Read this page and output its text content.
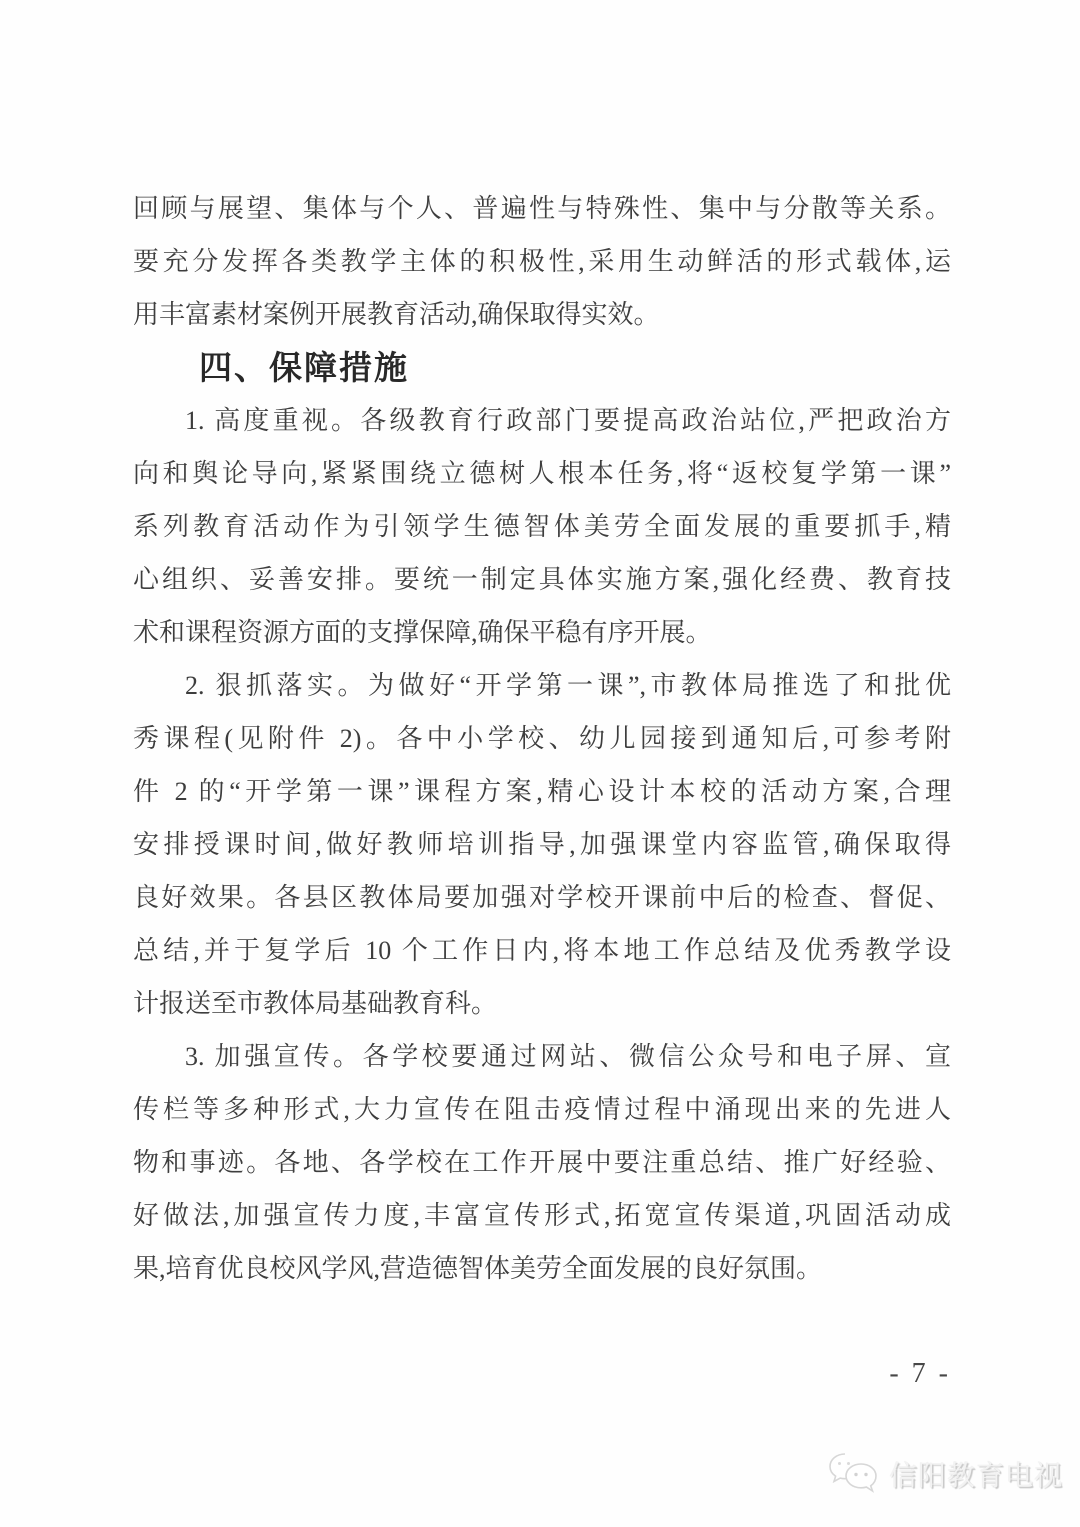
回顾与展望、集体与个人、普遍性与特殊性、集中与分散等关系。
要充分发挥各类教学主体的积极性,采用生动鲜活的形式载体,运
用丰富素材案例开展教育活动,确保取得实效。
四、保障措施
1. 高度重视。各级教育行政部门要提高政治站位,严把政治方
向和舆论导向,紧紧围绕立德树人根本任务,将“返校复学第一课”
系列教育活动作为引领学生德智体美劳全面发展的重要抓手,精
心组织、妥善安排。要统一制定具体实施方案,强化经费、教育技
术和课程资源方面的支撑保障,确保平稳有序开展。
2. 狠抓落实。为做好“开学第一课”,市教体局推选了和批优
秀课程(见附件 2)。各中小学校、幼儿园接到通知后,可参考附
件 2 的“开学第一课”课程方案,精心设计本校的活动方案,合理
安排授课时间,做好教师培训指导,加强课堂内容监管,确保取得
良好效果。各县区教体局要加强对学校开课前中后的检查、督促、
总结,并于复学后 10 个工作日内,将本地工作总结及优秀教学设
计报送至市教体局基础教育科。
3. 加强宣传。各学校要通过网站、微信公众号和电子屏、宣
传栏等多种形式,大力宣传在阻击疫情过程中涌现出来的先进人
物和事迹。各地、各学校在工作开展中要注重总结、推广好经验、
好做法,加强宣传力度,丰富宣传形式,拓宽宣传渠道,巩固活动成
果,培育优良校风学风,营造德智体美劳全面发展的良好氛围。
- 7 -
信阳教育电视
